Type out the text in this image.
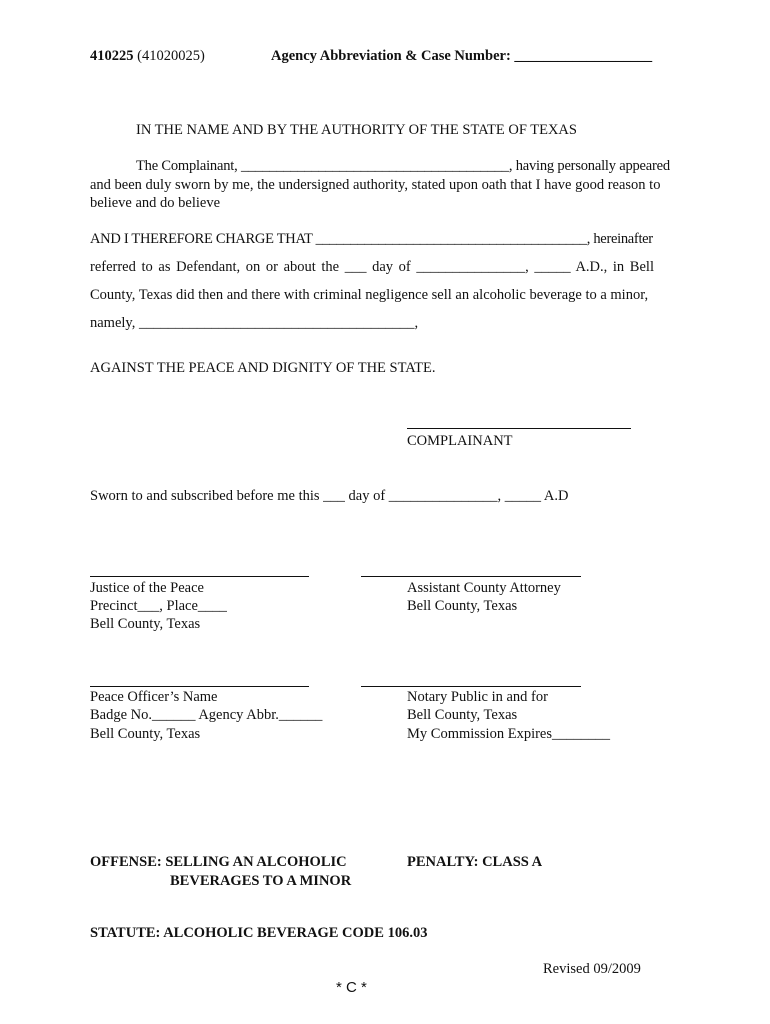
410225 (41020025)	Agency Abbreviation & Case Number: ___________________
IN THE NAME AND BY THE AUTHORITY OF THE STATE OF TEXAS
The Complainant, ______________________________________, having personally appeared
and been duly sworn by me, the undersigned authority, stated upon oath that I have good reason to
believe and do believe
AND I THEREFORE CHARGE THAT _______________________________________, hereinafter
referred to as Defendant, on or about the ___ day of _______________, _____ A.D., in Bell
County, Texas did then and there with criminal negligence sell an alcoholic beverage to a minor,
namely, ______________________________________,
AGAINST THE PEACE AND DIGNITY OF THE STATE.
COMPLAINANT
Sworn to and subscribed before me this ___ day of _______________, _____ A.D
Justice of the Peace
Precinct___, Place____
Bell County, Texas
Assistant County Attorney
Bell County, Texas
Peace Officer’s Name
Badge No.______ Agency Abbr.______
Bell County, Texas
Notary Public in and for
Bell County, Texas
My Commission Expires________
OFFENSE: SELLING AN ALCOHOLIC
BEVERAGES TO A MINOR
PENALTY: CLASS A
STATUTE: ALCOHOLIC BEVERAGE CODE 106.03
Revised 09/2009
* C *
